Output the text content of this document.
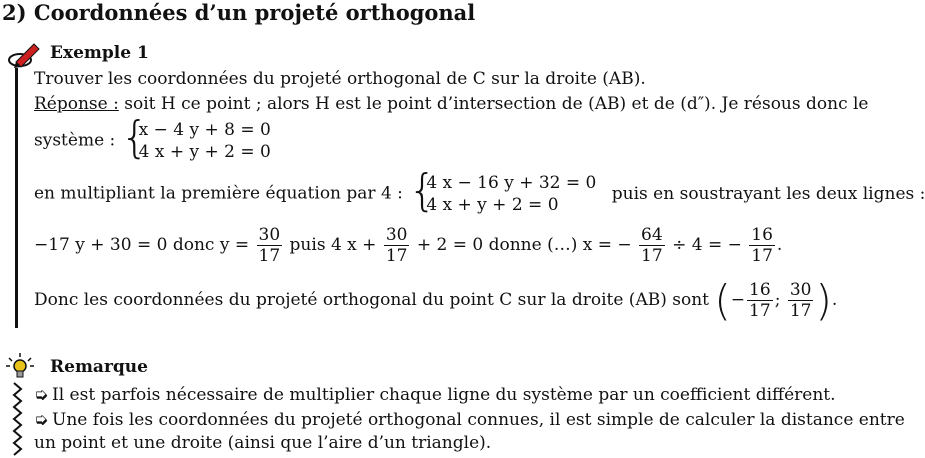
2) Coordonnées d’un projeté orthogonal
Exemple 1
Trouver les coordonnées du projeté orthogonal de C sur la droite (AB).
Réponse : soit H ce point ; alors H est le point d’intersection de (AB) et de (d″). Je résous donc le
système : {
x − 4 y + 8 = 0
4 x + y + 2 = 0
en multipliant la première équation par 4 : {
4 x − 16 y + 32 = 0
4 x + y + 2 = 0
puis en soustrayant les deux lignes :
−17 y + 30 = 0 donc $y = \frac{30}{17}$ puis 4 $x + \frac{30}{17} + 2 = 0$ donne (…) x = − $\frac{64}{17} \div 4$ = − $\frac{16}{17}$ .
Donc les coordonnées du projeté orthogonal du point C sur la droite (AB) sont (− $\frac{16}{17}$ ; $\frac{30}{17}$ ).
Remarque
➭ Il est parfois nécessaire de multiplier chaque ligne du système par un coefficient différent.
➭ Une fois les coordonnées du projeté orthogonal connues, il est simple de calculer la distance entre
un point et une droite (ainsi que l’aire d’un triangle).
